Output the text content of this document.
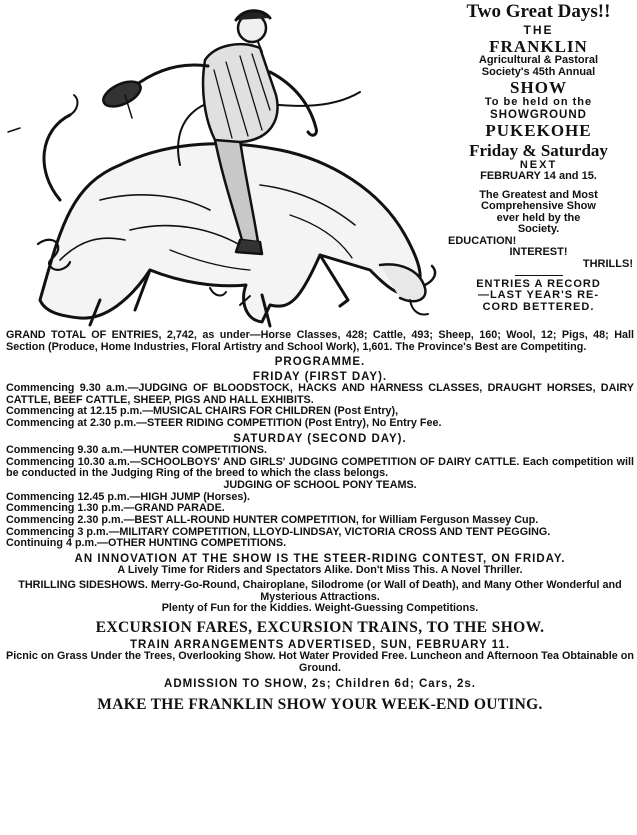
Two Great Days!!
THE
FRANKLIN
Agricultural & Pastoral
Society's 45th Annual
SHOW
To be held on the
SHOWGROUND
PUKEKOHE
Friday & Saturday
NEXT
FEBRUARY 14 and 15.
The Greatest and Most
Comprehensive Show
ever held by the
Society.
EDUCATION!
INTEREST!
THRILLS!
ENTRIES A RECORD
—LAST YEAR'S RE-
CORD BETTERED.
GRAND TOTAL OF ENTRIES, 2,742, as under—Horse Classes, 428; Cattle, 493; Sheep, 160; Wool, 12; Pigs, 48; Hall Section (Produce, Home Industries, Floral Artistry and School Work), 1,601. The Province's Best are Competiting.
PROGRAMME.
FRIDAY (FIRST DAY).
Commencing 9.30 a.m.—JUDGING OF BLOODSTOCK, HACKS AND HARNESS CLASSES, DRAUGHT HORSES, DAIRY CATTLE, BEEF CATTLE, SHEEP, PIGS AND HALL EXHIBITS.
Commencing at 12.15 p.m.—MUSICAL CHAIRS FOR CHILDREN (Post Entry),
Commencing at 2.30 p.m.—STEER RIDING COMPETITION (Post Entry), No Entry Fee.
SATURDAY (SECOND DAY).
Commencing 9.30 a.m.—HUNTER COMPETITIONS.
Commencing 10.30 a.m.—SCHOOLBOYS' AND GIRLS' JUDGING COMPETITION OF DAIRY CATTLE. Each competition will be conducted in the Judging Ring of the breed to which the class belongs.
JUDGING OF SCHOOL PONY TEAMS.
Commencing 12.45 p.m.—HIGH JUMP (Horses).
Commencing 1.30 p.m.—GRAND PARADE.
Commencing 2.30 p.m.—BEST ALL-ROUND HUNTER COMPETITION, for William Ferguson Massey Cup.
Commencing 3 p.m.—MILITARY COMPETITION, LLOYD-LINDSAY, VICTORIA CROSS AND TENT PEGGING.
Continuing 4 p.m.—OTHER HUNTING COMPETITIONS.
AN INNOVATION AT THE SHOW IS THE STEER-RIDING CONTEST, ON FRIDAY.
A Lively Time for Riders and Spectators Alike. Don't Miss This. A Novel Thriller.
THRILLING SIDESHOWS. Merry-Go-Round, Chairoplane, Silodrome (or Wall of Death), and Many Other Wonderful and Mysterious Attractions.
Plenty of Fun for the Kiddies. Weight-Guessing Competitions.
EXCURSION FARES, EXCURSION TRAINS, TO THE SHOW.
TRAIN ARRANGEMENTS ADVERTISED, SUN, FEBRUARY 11.
Picnic on Grass Under the Trees, Overlooking Show. Hot Water Provided Free. Luncheon and Afternoon Tea Obtainable on Ground.
ADMISSION TO SHOW, 2s; Children 6d; Cars, 2s.
MAKE THE FRANKLIN SHOW YOUR WEEK-END OUTING.
